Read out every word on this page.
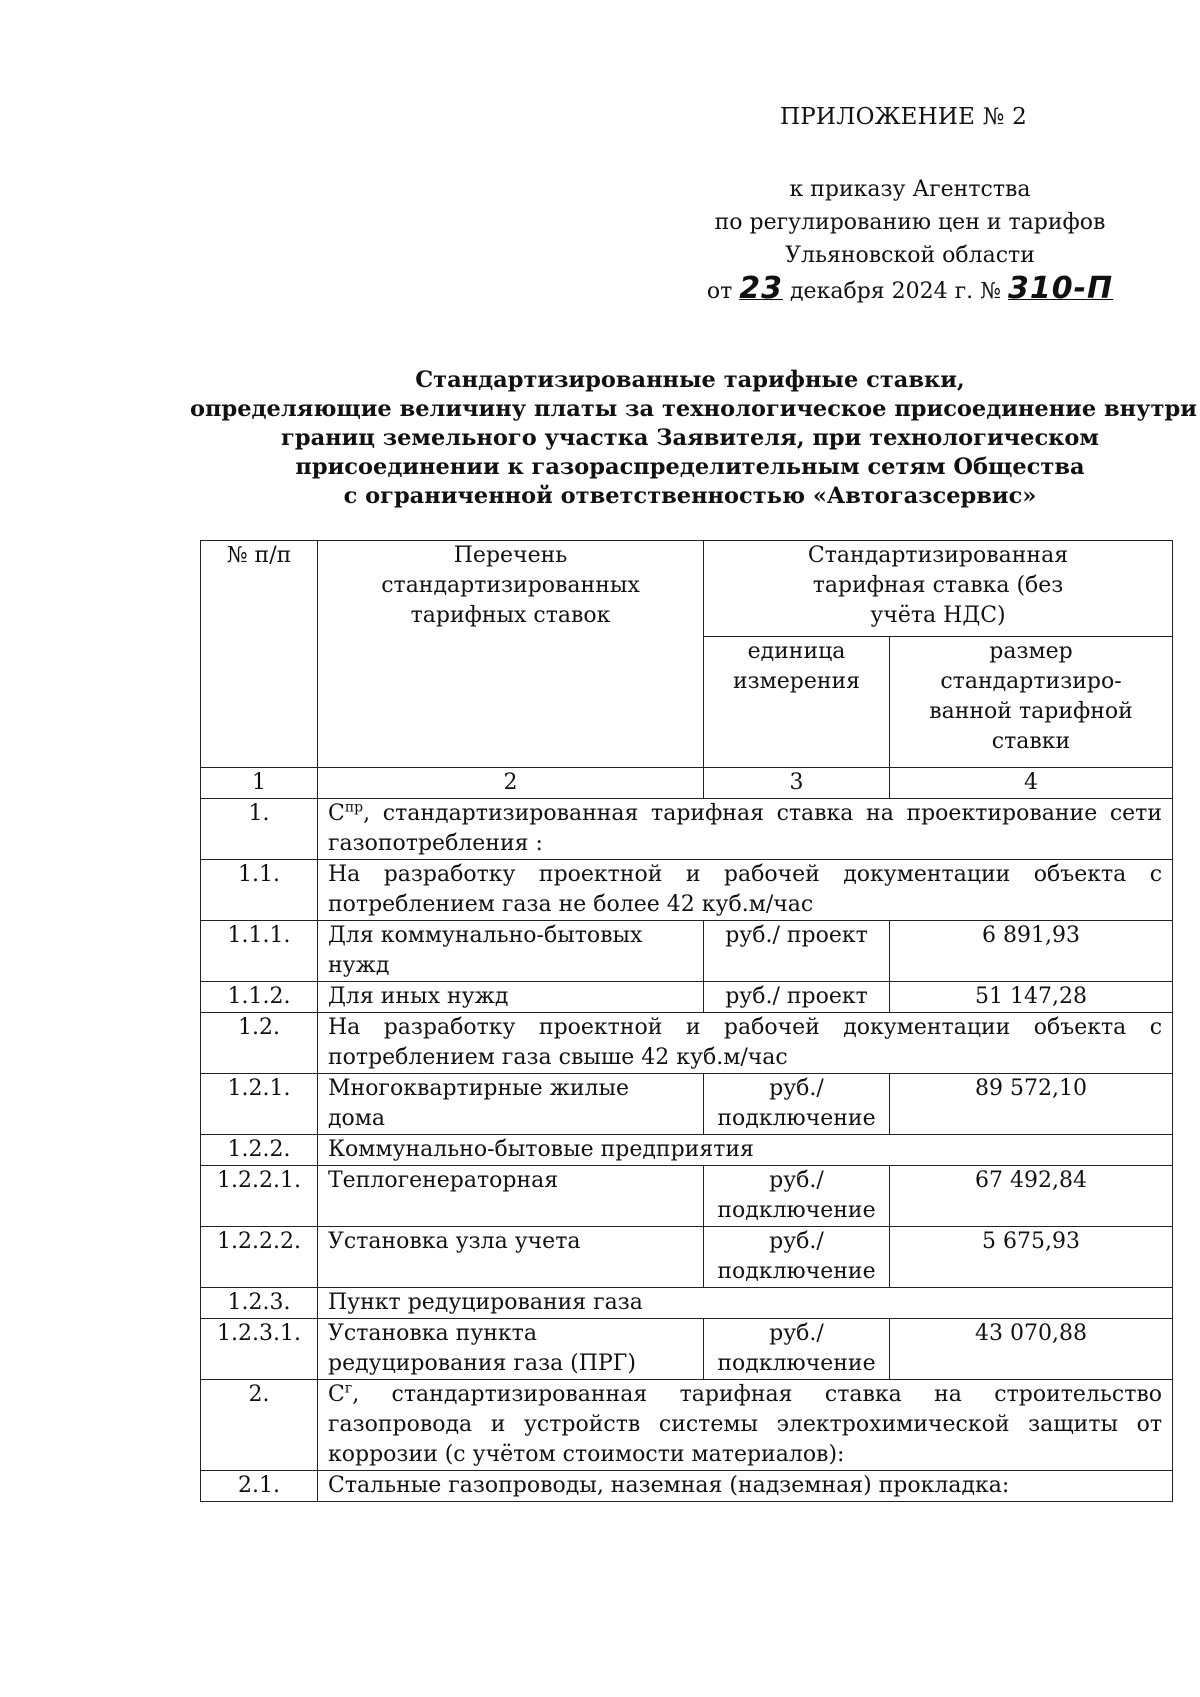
ПРИЛОЖЕНИЕ № 2
к приказу Агентства
по регулированию цен и тарифов
Ульяновской области
от 23 декабря 2024 г. № 310-П
Стандартизированные тарифные ставки,
определяющие величину платы за технологическое присоединение внутри
границ земельного участка Заявителя, при технологическом
присоединении к газораспределительным сетям Общества
с ограниченной ответственностью «Автогазсервис»
№ п/п	Перечень стандартизированных тарифных ставок	Стандартизированная тарифная ставка (без учёта НДС)	
		единица измерения	размер стандартизиро-ванной тарифной ставки
1	2	3	4
1.	$С^{пр}$, стандартизированная тарифная ставка на проектирование сети газопотребления :		
1.1.	На разработку проектной и рабочей документации объекта с потреблением газа не более 42 куб.м/час		
1.1.1.	Для коммунально-бытовых нужд	руб./ проект	6 891,93
1.1.2.	Для иных нужд	руб./ проект	51 147,28
1.2.	На разработку проектной и рабочей документации объекта с потреблением газа свыше 42 куб.м/час		
1.2.1.	Многоквартирные жилые дома	руб./ подключение	89 572,10
1.2.2.	Коммунально-бытовые предприятия		
1.2.2.1.	Теплогенераторная	руб./ подключение	67 492,84
1.2.2.2.	Установка узла учета	руб./ подключение	5 675,93
1.2.3.	Пункт редуцирования газа		
1.2.3.1.	Установка пункта редуцирования газа (ПРГ)	руб./ подключение	43 070,88
2.	$С^г$, стандартизированная тарифная ставка на строительство газопровода и устройств системы электрохимической защиты от коррозии (с учётом стоимости материалов):		
2.1.	Стальные газопроводы, наземная (надземная) прокладка:		
